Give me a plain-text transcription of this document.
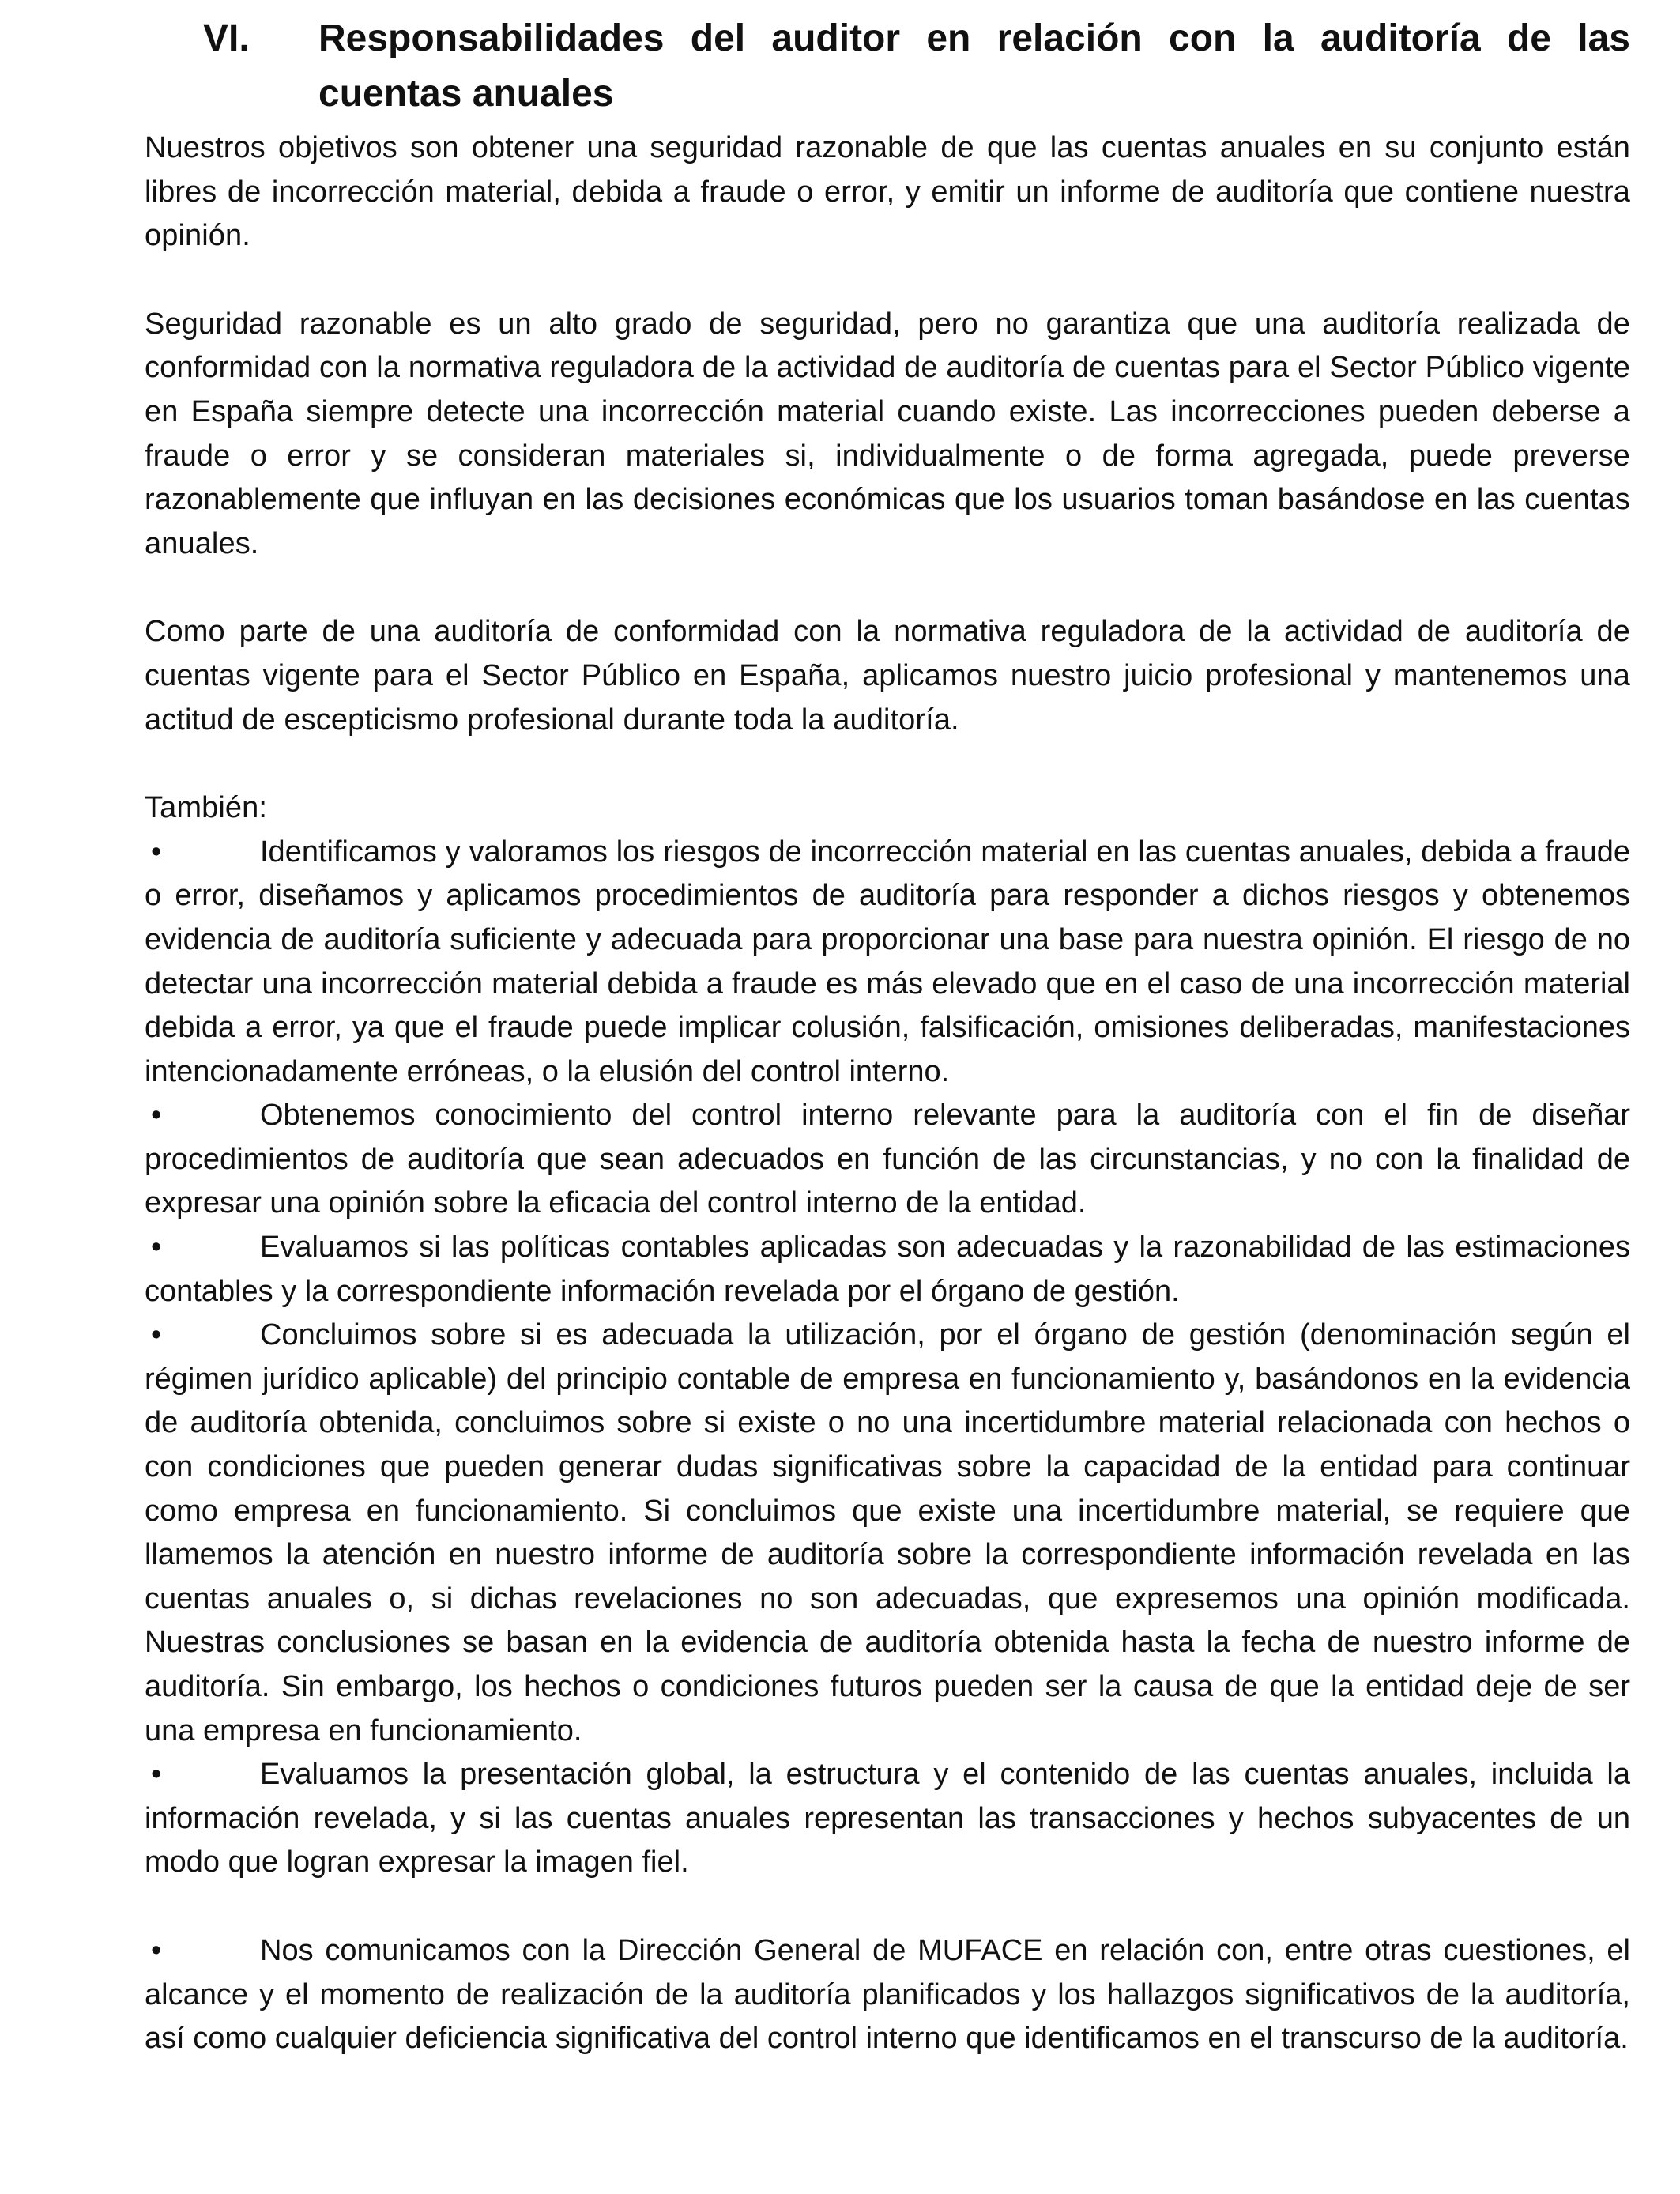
VI.	Responsabilidades del auditor en relación con la auditoría de las cuentas anuales

Nuestros objetivos son obtener una seguridad razonable de que las cuentas anuales en su conjunto están libres de incorrección material, debida a fraude o error, y emitir un informe de auditoría que contiene nuestra opinión.

Seguridad razonable es un alto grado de seguridad, pero no garantiza que una auditoría realizada de conformidad con la normativa reguladora de la actividad de auditoría de cuentas para el Sector Público vigente en España siempre detecte una incorrección material cuando existe. Las incorrecciones pueden deberse a fraude o error y se consideran materiales si, individualmente o de forma agregada, puede preverse razonablemente que influyan en las decisiones económicas que los usuarios toman basándose en las cuentas anuales.

Como parte de una auditoría de conformidad con la normativa reguladora de la actividad de auditoría de cuentas vigente para el Sector Público en España, aplicamos nuestro juicio profesional y mantenemos una actitud de escepticismo profesional durante toda la auditoría.

También:

•	Identificamos y valoramos los riesgos de incorrección material en las cuentas anuales, debida a fraude o error, diseñamos y aplicamos procedimientos de auditoría para responder a dichos riesgos y obtenemos evidencia de auditoría suficiente y adecuada para proporcionar una base para nuestra opinión. El riesgo de no detectar una incorrección material debida a fraude es más elevado que en el caso de una incorrección material debida a error, ya que el fraude puede implicar colusión, falsificación, omisiones deliberadas, manifestaciones intencionadamente erróneas, o la elusión del control interno.

•	Obtenemos conocimiento del control interno relevante para la auditoría con el fin de diseñar procedimientos de auditoría que sean adecuados en función de las circunstancias, y no con la finalidad de expresar una opinión sobre la eficacia del control interno de la entidad.

•	Evaluamos si las políticas contables aplicadas son adecuadas y la razonabilidad de las estimaciones contables y la correspondiente información revelada por el órgano de gestión.

•	Concluimos sobre si es adecuada la utilización, por el órgano de gestión (denominación según el régimen jurídico aplicable) del principio contable de empresa en funcionamiento y, basándonos en la evidencia de auditoría obtenida, concluimos sobre si existe o no una incertidumbre material relacionada con hechos o con condiciones que pueden generar dudas significativas sobre la capacidad de la entidad para continuar como empresa en funcionamiento. Si concluimos que existe una incertidumbre material, se requiere que llamemos la atención en nuestro informe de auditoría sobre la correspondiente información revelada en las cuentas anuales o, si dichas revelaciones no son adecuadas, que expresemos una opinión modificada. Nuestras conclusiones se basan en la evidencia de auditoría obtenida hasta la fecha de nuestro informe de auditoría. Sin embargo, los hechos o condiciones futuros pueden ser la causa de que la entidad deje de ser una empresa en funcionamiento.

•	Evaluamos la presentación global, la estructura y el contenido de las cuentas anuales, incluida la información revelada, y si las cuentas anuales representan las transacciones y hechos subyacentes de un modo que logran expresar la imagen fiel.

•	Nos comunicamos con la Dirección General de MUFACE en relación con, entre otras cuestiones, el alcance y el momento de realización de la auditoría planificados y los hallazgos significativos de la auditoría, así como cualquier deficiencia significativa del control interno que identificamos en el transcurso de la auditoría.
